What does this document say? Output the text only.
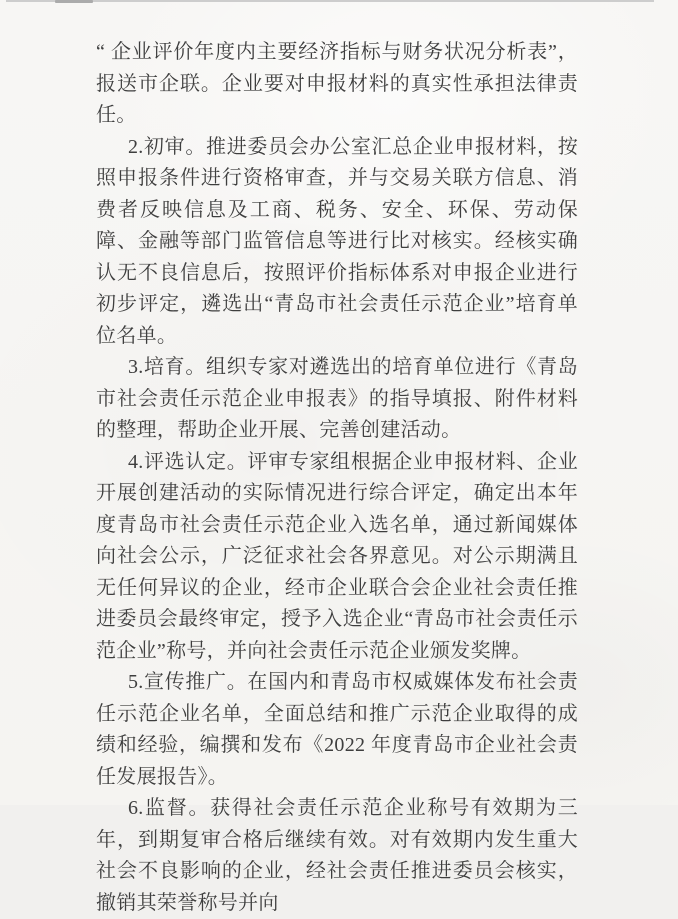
“ 企业评价年度内主要经济指标与财务状况分析表”，报送市企联。企业要对申报材料的真实性承担法律责任。

2.初审。推进委员会办公室汇总企业申报材料，按照申报条件进行资格审查，并与交易关联方信息、消费者反映信息及工商、税务、安全、环保、劳动保障、金融等部门监管信息等进行比对核实。经核实确认无不良信息后，按照评价指标体系对申报企业进行初步评定，遴选出“青岛市社会责任示范企业”培育单位名单。

3.培育。组织专家对遴选出的培育单位进行《青岛市社会责任示范企业申报表》的指导填报、附件材料的整理，帮助企业开展、完善创建活动。

4.评选认定。评审专家组根据企业申报材料、企业开展创建活动的实际情况进行综合评定，确定出本年度青岛市社会责任示范企业入选名单，通过新闻媒体向社会公示，广泛征求社会各界意见。对公示期满且无任何异议的企业，经市企业联合会企业社会责任推进委员会最终审定，授予入选企业“青岛市社会责任示范企业”称号，并向社会责任示范企业颁发奖牌。

5.宣传推广。在国内和青岛市权威媒体发布社会责任示范企业名单，全面总结和推广示范企业取得的成绩和经验，编撰和发布《2022 年度青岛市企业社会责任发展报告》。

6.监督。获得社会责任示范企业称号有效期为三年，到期复审合格后继续有效。对有效期内发生重大社会不良影响的企业，经社会责任推进委员会核实，撤销其荣誉称号并向
